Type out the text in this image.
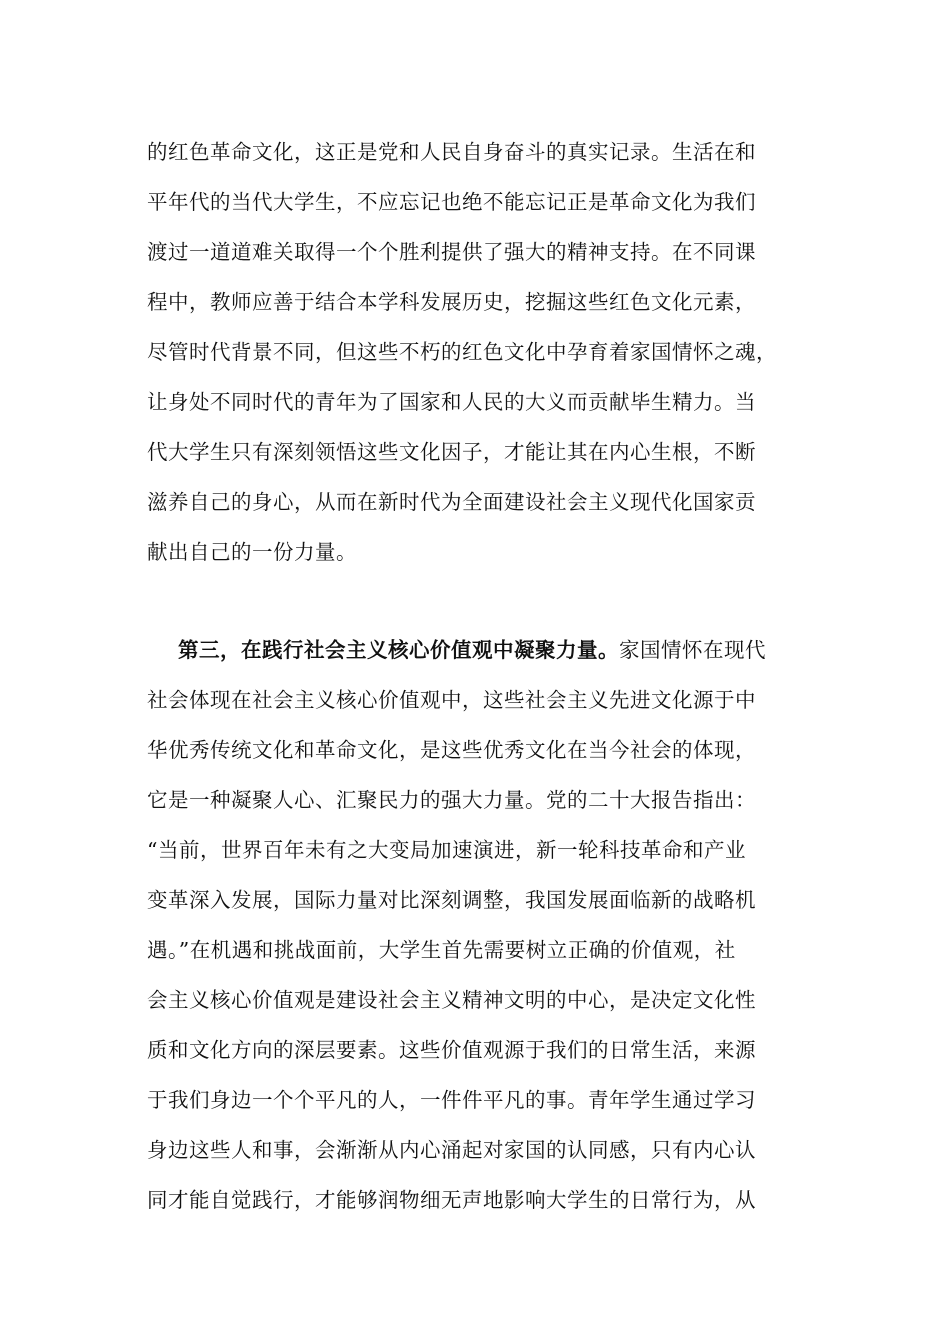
的红色革命文化，这正是党和人民自身奋斗的真实记录。生活在和
平年代的当代大学生，不应忘记也绝不能忘记正是革命文化为我们
渡过一道道难关取得一个个胜利提供了强大的精神支持。在不同课
程中，教师应善于结合本学科发展历史，挖掘这些红色文化元素，
尽管时代背景不同，但这些不朽的红色文化中孕育着家国情怀之魂，
让身处不同时代的青年为了国家和人民的大义而贡献毕生精力。当
代大学生只有深刻领悟这些文化因子，才能让其在内心生根，不断
滋养自己的身心，从而在新时代为全面建设社会主义现代化国家贡
献出自己的一份力量。
第三，在践行社会主义核心价值观中凝聚力量。家国情怀在现代
社会体现在社会主义核心价值观中，这些社会主义先进文化源于中
华优秀传统文化和革命文化，是这些优秀文化在当今社会的体现，
它是一种凝聚人心、汇聚民力的强大力量。党的二十大报告指出：
“当前，世界百年未有之大变局加速演进，新一轮科技革命和产业
变革深入发展，国际力量对比深刻调整，我国发展面临新的战略机
遇。”在机遇和挑战面前，大学生首先需要树立正确的价值观，社
会主义核心价值观是建设社会主义精神文明的中心，是决定文化性
质和文化方向的深层要素。这些价值观源于我们的日常生活，来源
于我们身边一个个平凡的人，一件件平凡的事。青年学生通过学习
身边这些人和事，会渐渐从内心涌起对家国的认同感，只有内心认
同才能自觉践行，才能够润物细无声地影响大学生的日常行为，从
